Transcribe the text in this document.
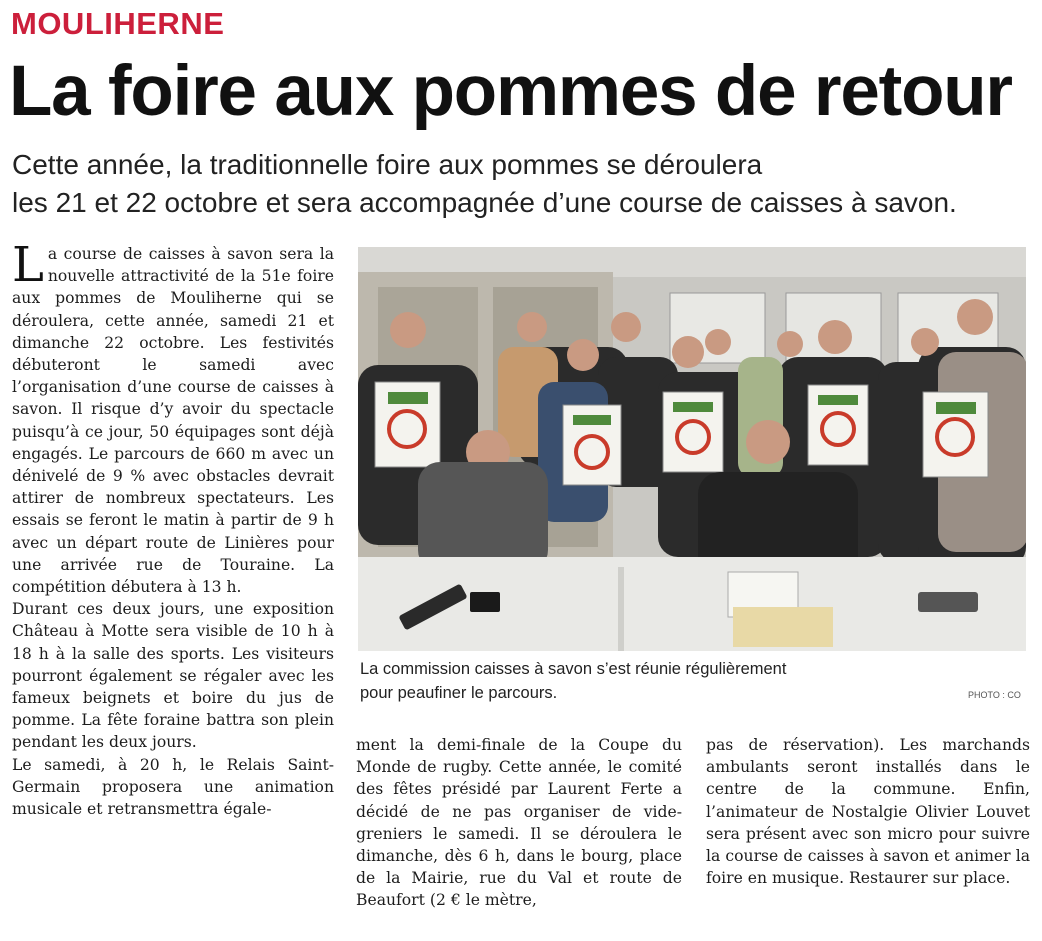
MOULIHERNE
La foire aux pommes de retour
Cette année, la traditionnelle foire aux pommes se déroulera
les 21 et 22 octobre et sera accompagnée d’une course de caisses à savon.

La course de caisses à savon sera la nouvelle attractivité de la 51e foire aux pommes de Mouliherne qui se déroulera, cette année, samedi 21 et dimanche 22 octobre. Les festivités débuteront le samedi avec l’organisation d’une course de caisses à savon. Il risque d’y avoir du spectacle puisqu’à ce jour, 50 équipages sont déjà engagés. Le parcours de 660 m avec un dénivelé de 9 % avec obstacles devrait attirer de nombreux spectateurs. Les essais se feront le matin à partir de 9 h avec un départ route de Linières pour une arrivée rue de Touraine. La compétition débutera à 13 h.

Durant ces deux jours, une exposition Château à Motte sera visible de 10 h à 18 h à la salle des sports. Les visiteurs pourront également se régaler avec les fameux beignets et boire du jus de pomme. La fête foraine battra son plein pendant les deux jours.

Le samedi, à 20 h, le Relais Saint-Germain proposera une animation musicale et retransmettra égale-

La commission caisses à savon s’est réunie régulièrement
pour peaufiner le parcours.	PHOTO : CO

ment la demi-finale de la Coupe du Monde de rugby. Cette année, le comité des fêtes présidé par Laurent Ferte a décidé de ne pas organiser de vide-greniers le samedi. Il se déroulera le dimanche, dès 6 h, dans le bourg, place de la Mairie, rue du Val et route de Beaufort (2 € le mètre,

pas de réservation). Les marchands ambulants seront installés dans le centre de la commune. Enfin, l’animateur de Nostalgie Olivier Louvet sera présent avec son micro pour suivre la course de caisses à savon et animer la foire en musique. Restaurer sur place.
